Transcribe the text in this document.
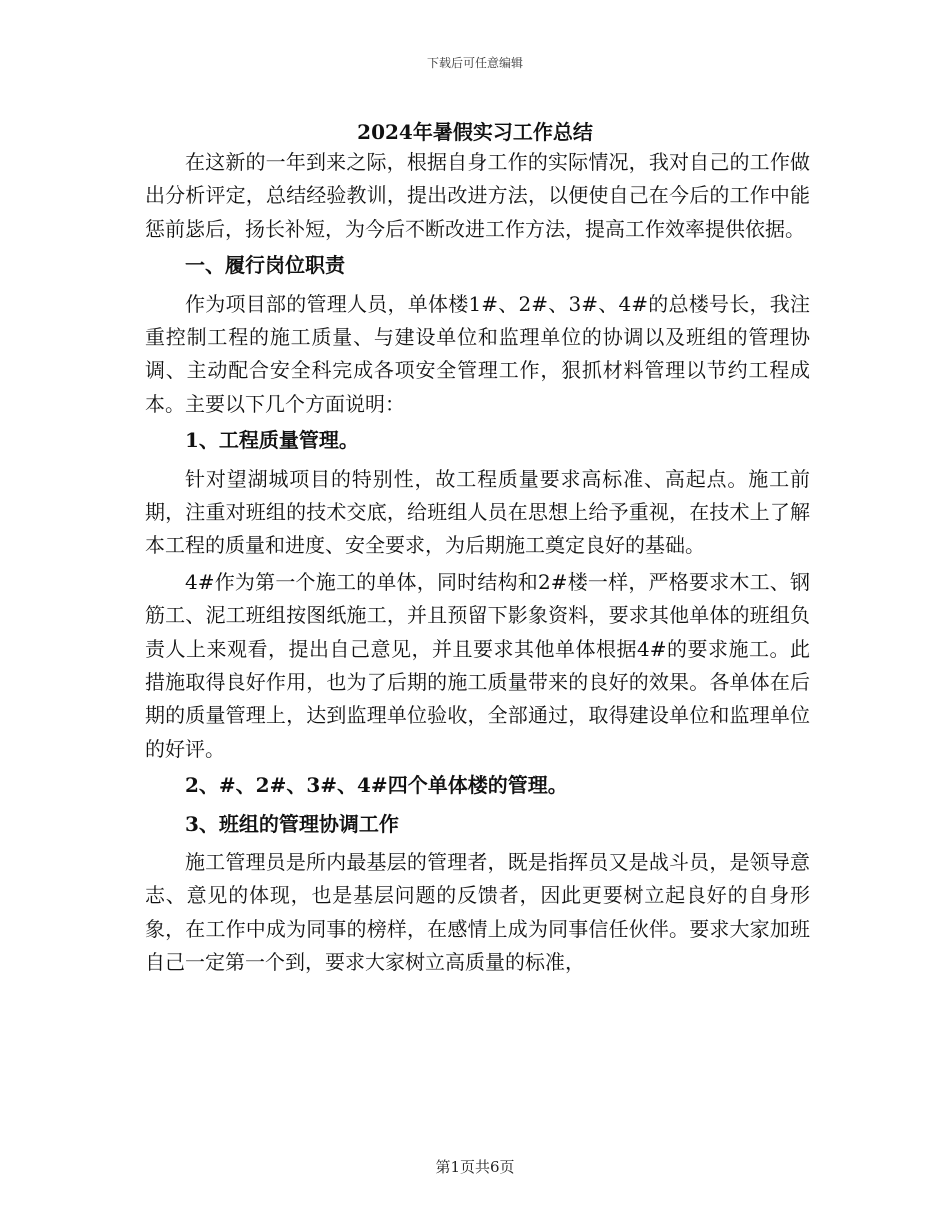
下载后可任意编辑
2024年暑假实习工作总结

在这新的一年到来之际，根据自身工作的实际情况，我对自己的工作做出分析评定，总结经验教训，提出改进方法，以便使自己在今后的工作中能惩前毖后，扬长补短，为今后不断改进工作方法，提高工作效率提供依据。

一、履行岗位职责

作为项目部的管理人员，单体楼1#、2#、3#、4#的总楼号长，我注重控制工程的施工质量、与建设单位和监理单位的协调以及班组的管理协调、主动配合安全科完成各项安全管理工作，狠抓材料管理以节约工程成本。主要以下几个方面说明：

1、工程质量管理。

针对望湖城项目的特别性，故工程质量要求高标准、高起点。施工前期，注重对班组的技术交底，给班组人员在思想上给予重视，在技术上了解本工程的质量和进度、安全要求，为后期施工奠定良好的基础。

4#作为第一个施工的单体，同时结构和2#楼一样，严格要求木工、钢筋工、泥工班组按图纸施工，并且预留下影象资料，要求其他单体的班组负责人上来观看，提出自己意见，并且要求其他单体根据4#的要求施工。此措施取得良好作用，也为了后期的施工质量带来的良好的效果。各单体在后期的质量管理上，达到监理单位验收，全部通过，取得建设单位和监理单位的好评。

2、#、2#、3#、4#四个单体楼的管理。

3、班组的管理协调工作

施工管理员是所内最基层的管理者，既是指挥员又是战斗员，是领导意志、意见的体现，也是基层问题的反馈者，因此更要树立起良好的自身形象，在工作中成为同事的榜样，在感情上成为同事信任伙伴。要求大家加班自己一定第一个到，要求大家树立高质量的标准，

第1页共6页
